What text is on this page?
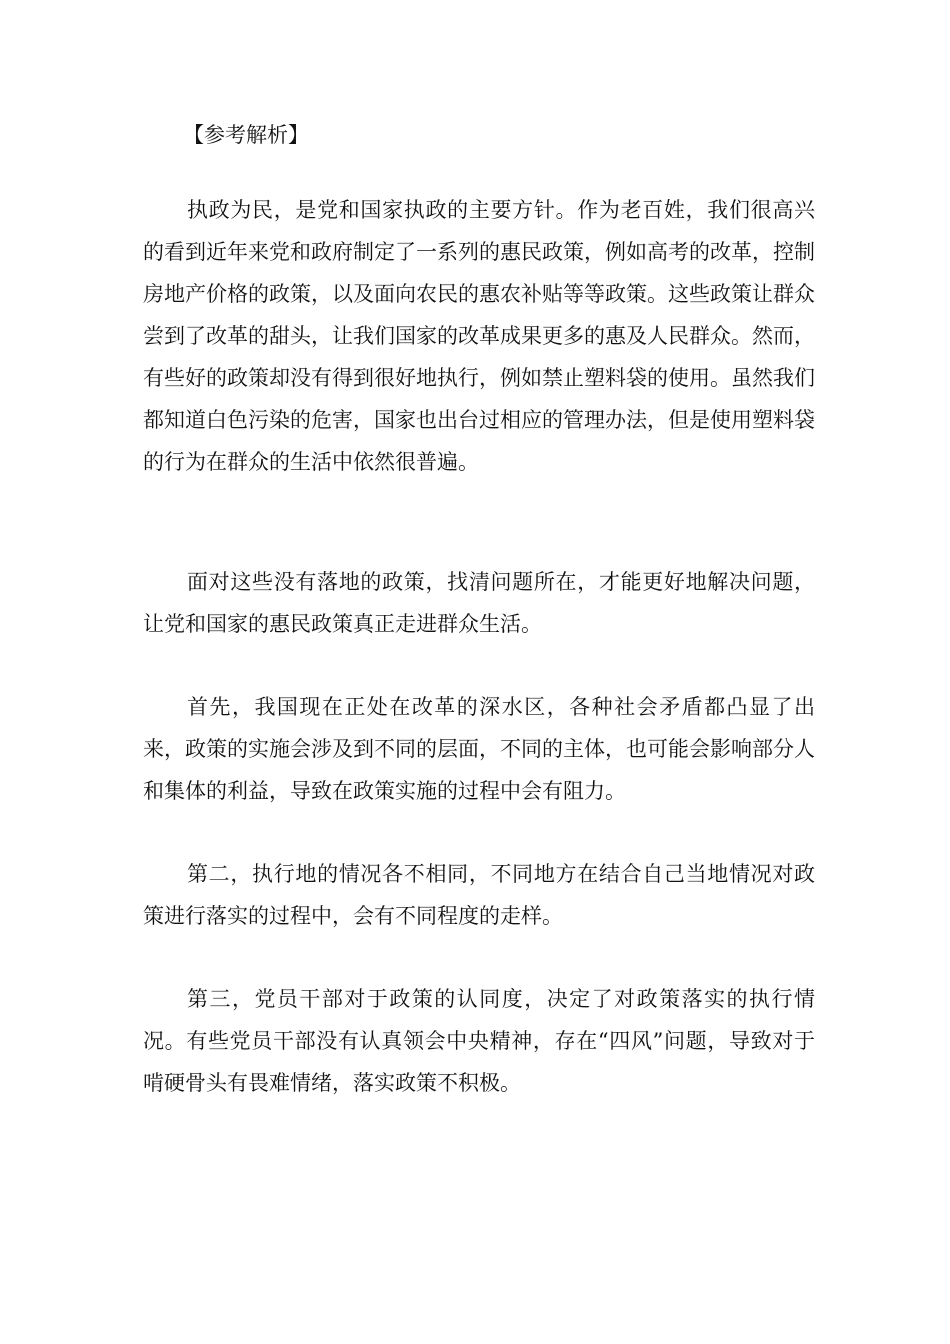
【参考解析】

执政为民，是党和国家执政的主要方针。作为老百姓，我们很高兴的看到近年来党和政府制定了一系列的惠民政策，例如高考的改革，控制房地产价格的政策，以及面向农民的惠农补贴等等政策。这些政策让群众尝到了改革的甜头，让我们国家的改革成果更多的惠及人民群众。然而，有些好的政策却没有得到很好地执行，例如禁止塑料袋的使用。虽然我们都知道白色污染的危害，国家也出台过相应的管理办法，但是使用塑料袋的行为在群众的生活中依然很普遍。

面对这些没有落地的政策，找清问题所在，才能更好地解决问题，让党和国家的惠民政策真正走进群众生活。

首先，我国现在正处在改革的深水区，各种社会矛盾都凸显了出来，政策的实施会涉及到不同的层面，不同的主体，也可能会影响部分人和集体的利益，导致在政策实施的过程中会有阻力。

第二，执行地的情况各不相同，不同地方在结合自己当地情况对政策进行落实的过程中，会有不同程度的走样。

第三，党员干部对于政策的认同度，决定了对政策落实的执行情况。有些党员干部没有认真领会中央精神，存在“四风”问题，导致对于啃硬骨头有畏难情绪，落实政策不积极。
